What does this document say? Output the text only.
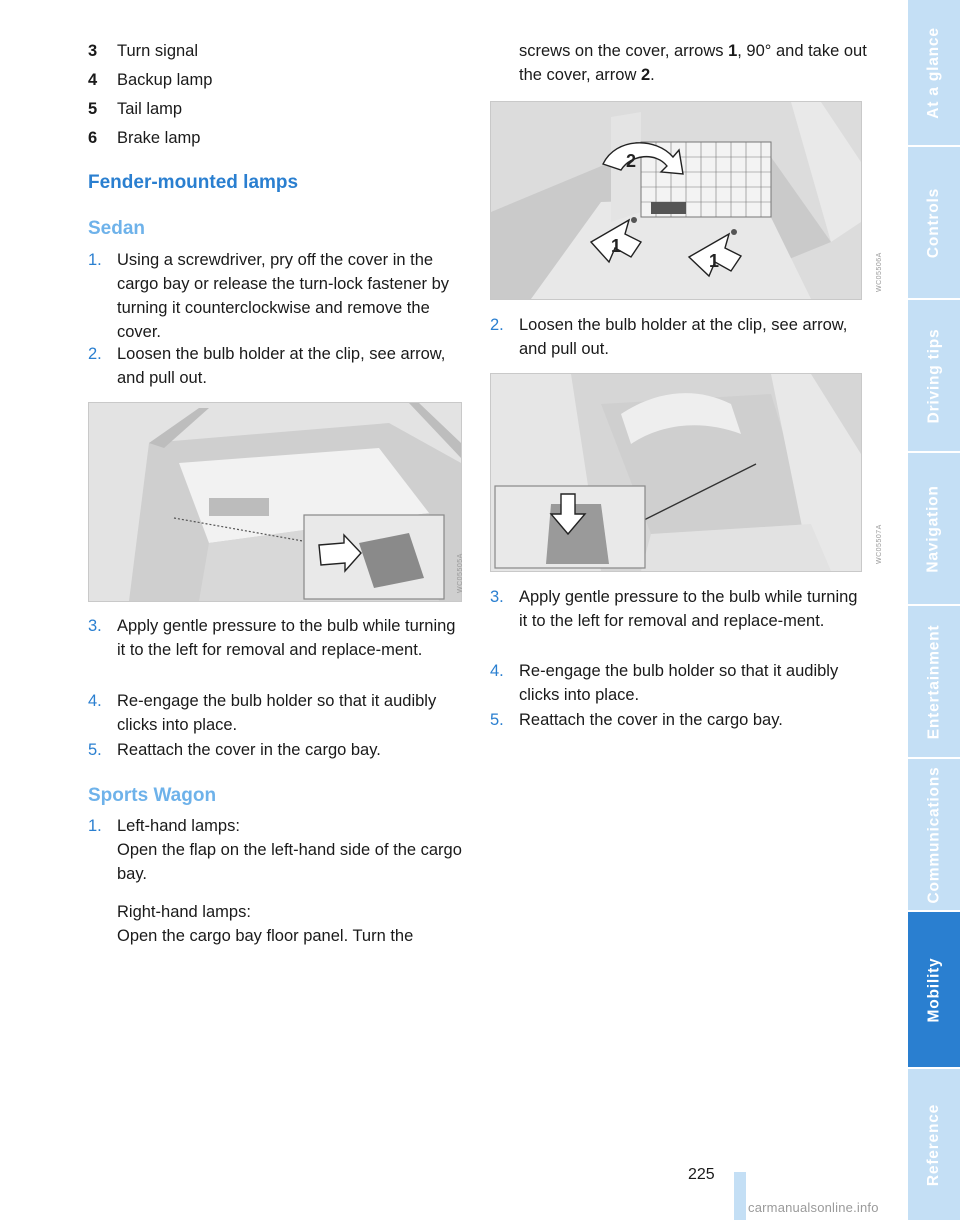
3 Turn signal
4 Backup lamp
5 Tail lamp
6 Brake lamp
Fender-mounted lamps
Sedan
1. Using a screwdriver, pry off the cover in the cargo bay or release the turn-lock fastener by turning it counterclockwise and remove the cover.
2. Loosen the bulb holder at the clip, see arrow, and pull out.
WC05505A
3. Apply gentle pressure to the bulb while turning it to the left for removal and replace-ment.
4. Re-engage the bulb holder so that it audibly clicks into place.
5. Reattach the cover in the cargo bay.
Sports Wagon
1. Left-hand lamps:
Open the flap on the left-hand side of the cargo bay.
Right-hand lamps:
Open the cargo bay floor panel. Turn the
screws on the cover, arrows 1, 90° and take out the cover, arrow 2.
1
1
2
WC05506A
2. Loosen the bulb holder at the clip, see arrow, and pull out.
WC05507A
3. Apply gentle pressure to the bulb while turning it to the left for removal and replace-ment.
4. Re-engage the bulb holder so that it audibly clicks into place.
5. Reattach the cover in the cargo bay.
At a glance
Controls
Driving tips
Navigation
Entertainment
Communications
Mobility
Reference
225
carmanualsonline.info
